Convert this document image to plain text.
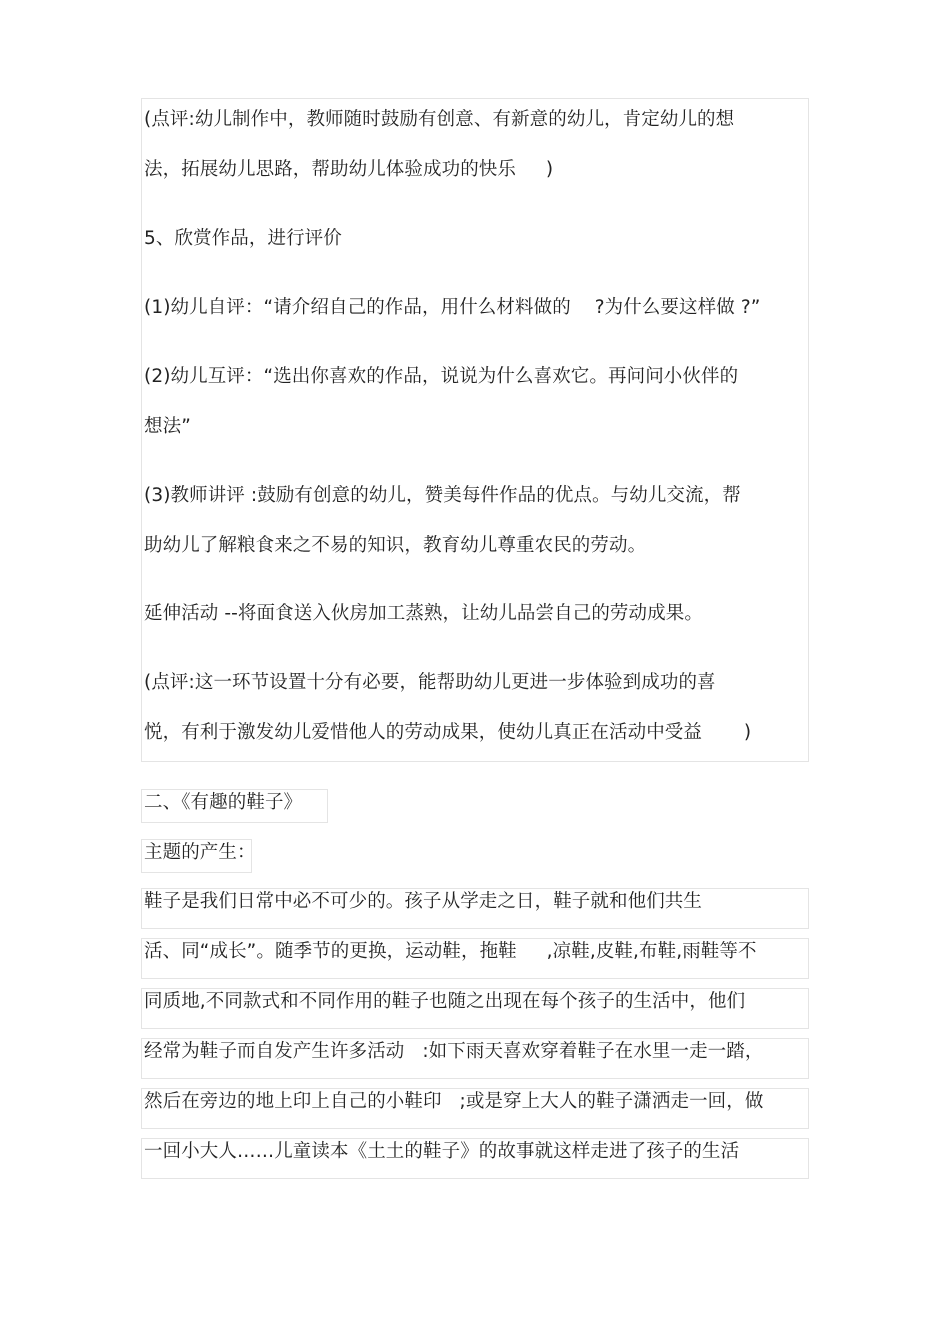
(点评:幼儿制作中，教师随时鼓励有创意、有新意的幼儿，肯定幼儿的想
法，拓展幼儿思路，帮助幼儿体验成功的快乐     )
5、欣赏作品，进行评价
(1)幼儿自评：“请介绍自己的作品，用什么材料做的    ?为什么要这样做 ?”
(2)幼儿互评：“选出你喜欢的作品，说说为什么喜欢它。再问问小伙伴的
想法”
(3)教师讲评 :鼓励有创意的幼儿，赞美每件作品的优点。与幼儿交流，帮
助幼儿了解粮食来之不易的知识，教育幼儿尊重农民的劳动。
延伸活动 --将面食送入伙房加工蒸熟，让幼儿品尝自己的劳动成果。
(点评:这一环节设置十分有必要，能帮助幼儿更进一步体验到成功的喜
悦，有利于激发幼儿爱惜他人的劳动成果，使幼儿真正在活动中受益       )
二、《有趣的鞋子》
主题的产生：
鞋子是我们日常中必不可少的。孩子从学走之日，鞋子就和他们共生
活、同“成长”。随季节的更换，运动鞋，拖鞋     ,凉鞋,皮鞋,布鞋,雨鞋等不
同质地,不同款式和不同作用的鞋子也随之出现在每个孩子的生活中，他们
经常为鞋子而自发产生许多活动   :如下雨天喜欢穿着鞋子在水里一走一踏，
然后在旁边的地上印上自己的小鞋印   ;或是穿上大人的鞋子潇洒走一回，做
一回小大人……儿童读本《土土的鞋子》的故事就这样走进了孩子的生活
